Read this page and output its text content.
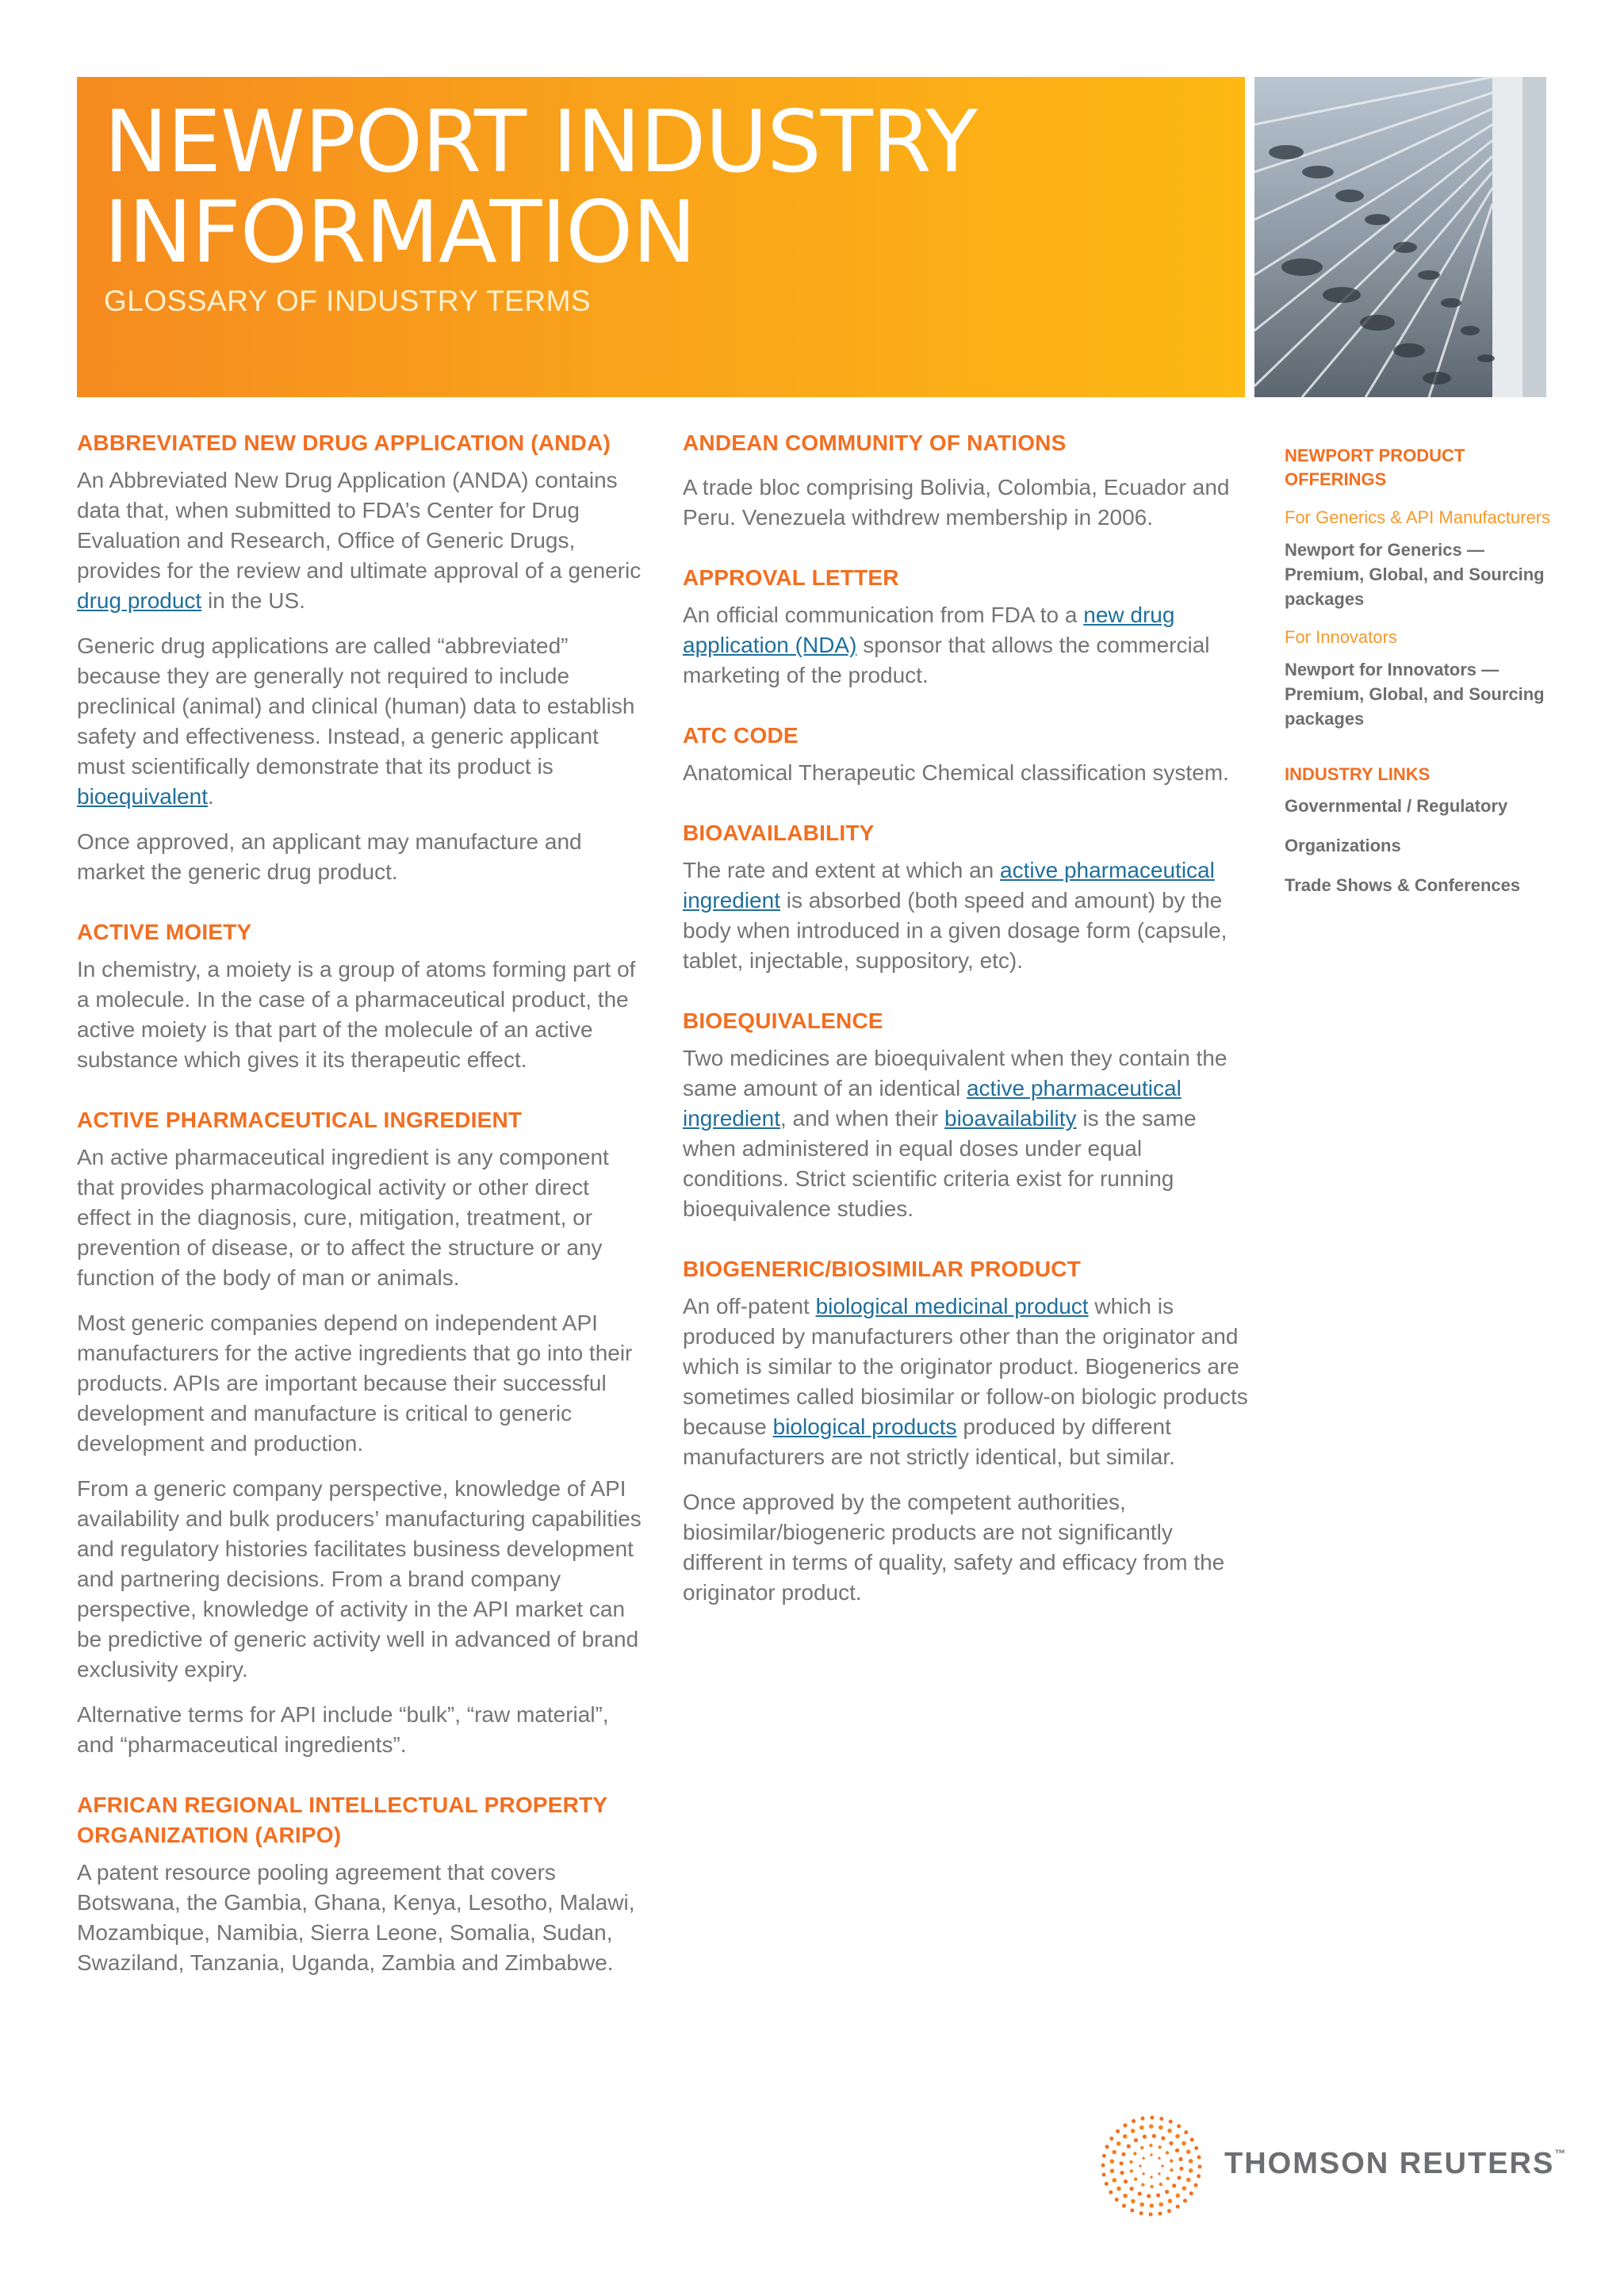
NEWPORT INDUSTRY INFORMATION
GLOSSARY OF INDUSTRY TERMS
ABBREVIATED NEW DRUG APPLICATION (ANDA)

An Abbreviated New Drug Application (ANDA) contains data that, when submitted to FDA’s Center for Drug Evaluation and Research, Office of Generic Drugs, provides for the review and ultimate approval of a generic drug product in the US.

Generic drug applications are called “abbreviated” because they are generally not required to include preclinical (animal) and clinical (human) data to establish safety and effectiveness. Instead, a generic applicant must scientifically demonstrate that its product is bioequivalent.

Once approved, an applicant may manufacture and market the generic drug product.

ACTIVE MOIETY

In chemistry, a moiety is a group of atoms forming part of a molecule. In the case of a pharmaceutical product, the active moiety is that part of the molecule of an active substance which gives it its therapeutic effect.

ACTIVE PHARMACEUTICAL INGREDIENT

An active pharmaceutical ingredient is any component that provides pharmacological activity or other direct effect in the diagnosis, cure, mitigation, treatment, or prevention of disease, or to affect the structure or any function of the body of man or animals.

Most generic companies depend on independent API manufacturers for the active ingredients that go into their products. APIs are important because their successful development and manufacture is critical to generic development and production.

From a generic company perspective, knowledge of API availability and bulk producers’ manufacturing capabilities and regulatory histories facilitates business development and partnering decisions. From a brand company perspective, knowledge of activity in the API market can be predictive of generic activity well in advanced of brand exclusivity expiry.

Alternative terms for API include “bulk”, “raw material”, and “pharmaceutical ingredients”.

AFRICAN REGIONAL INTELLECTUAL PROPERTY ORGANIZATION (ARIPO)

A patent resource pooling agreement that covers Botswana, the Gambia, Ghana, Kenya, Lesotho, Malawi, Mozambique, Namibia, Sierra Leone, Somalia, Sudan, Swaziland, Tanzania, Uganda, Zambia and Zimbabwe.

ANDEAN COMMUNITY OF NATIONS

A trade bloc comprising Bolivia, Colombia, Ecuador and Peru. Venezuela withdrew membership in 2006.

APPROVAL LETTER

An official communication from FDA to a new drug application (NDA) sponsor that allows the commercial marketing of the product.

ATC CODE

Anatomical Therapeutic Chemical classification system.

BIOAVAILABILITY

The rate and extent at which an active pharmaceutical ingredient is absorbed (both speed and amount) by the body when introduced in a given dosage form (capsule, tablet, injectable, suppository, etc).

BIOEQUIVALENCE

Two medicines are bioequivalent when they contain the same amount of an identical active pharmaceutical ingredient, and when their bioavailability is the same when administered in equal doses under equal conditions. Strict scientific criteria exist for running bioequivalence studies.

BIOGENERIC/BIOSIMILAR PRODUCT

An off-patent biological medicinal product which is produced by manufacturers other than the originator and which is similar to the originator product. Biogenerics are sometimes called biosimilar or follow-on biologic products because biological products produced by different manufacturers are not strictly identical, but similar.

Once approved by the competent authorities, biosimilar/biogeneric products are not significantly different in terms of quality, safety and efficacy from the originator product.

NEWPORT PRODUCT OFFERINGS
For Generics & API Manufacturers
Newport for Generics — Premium, Global, and Sourcing packages
For Innovators
Newport for Innovators — Premium, Global, and Sourcing packages
INDUSTRY LINKS
Governmental / Regulatory
Organizations
Trade Shows & Conferences
THOMSON REUTERS™
